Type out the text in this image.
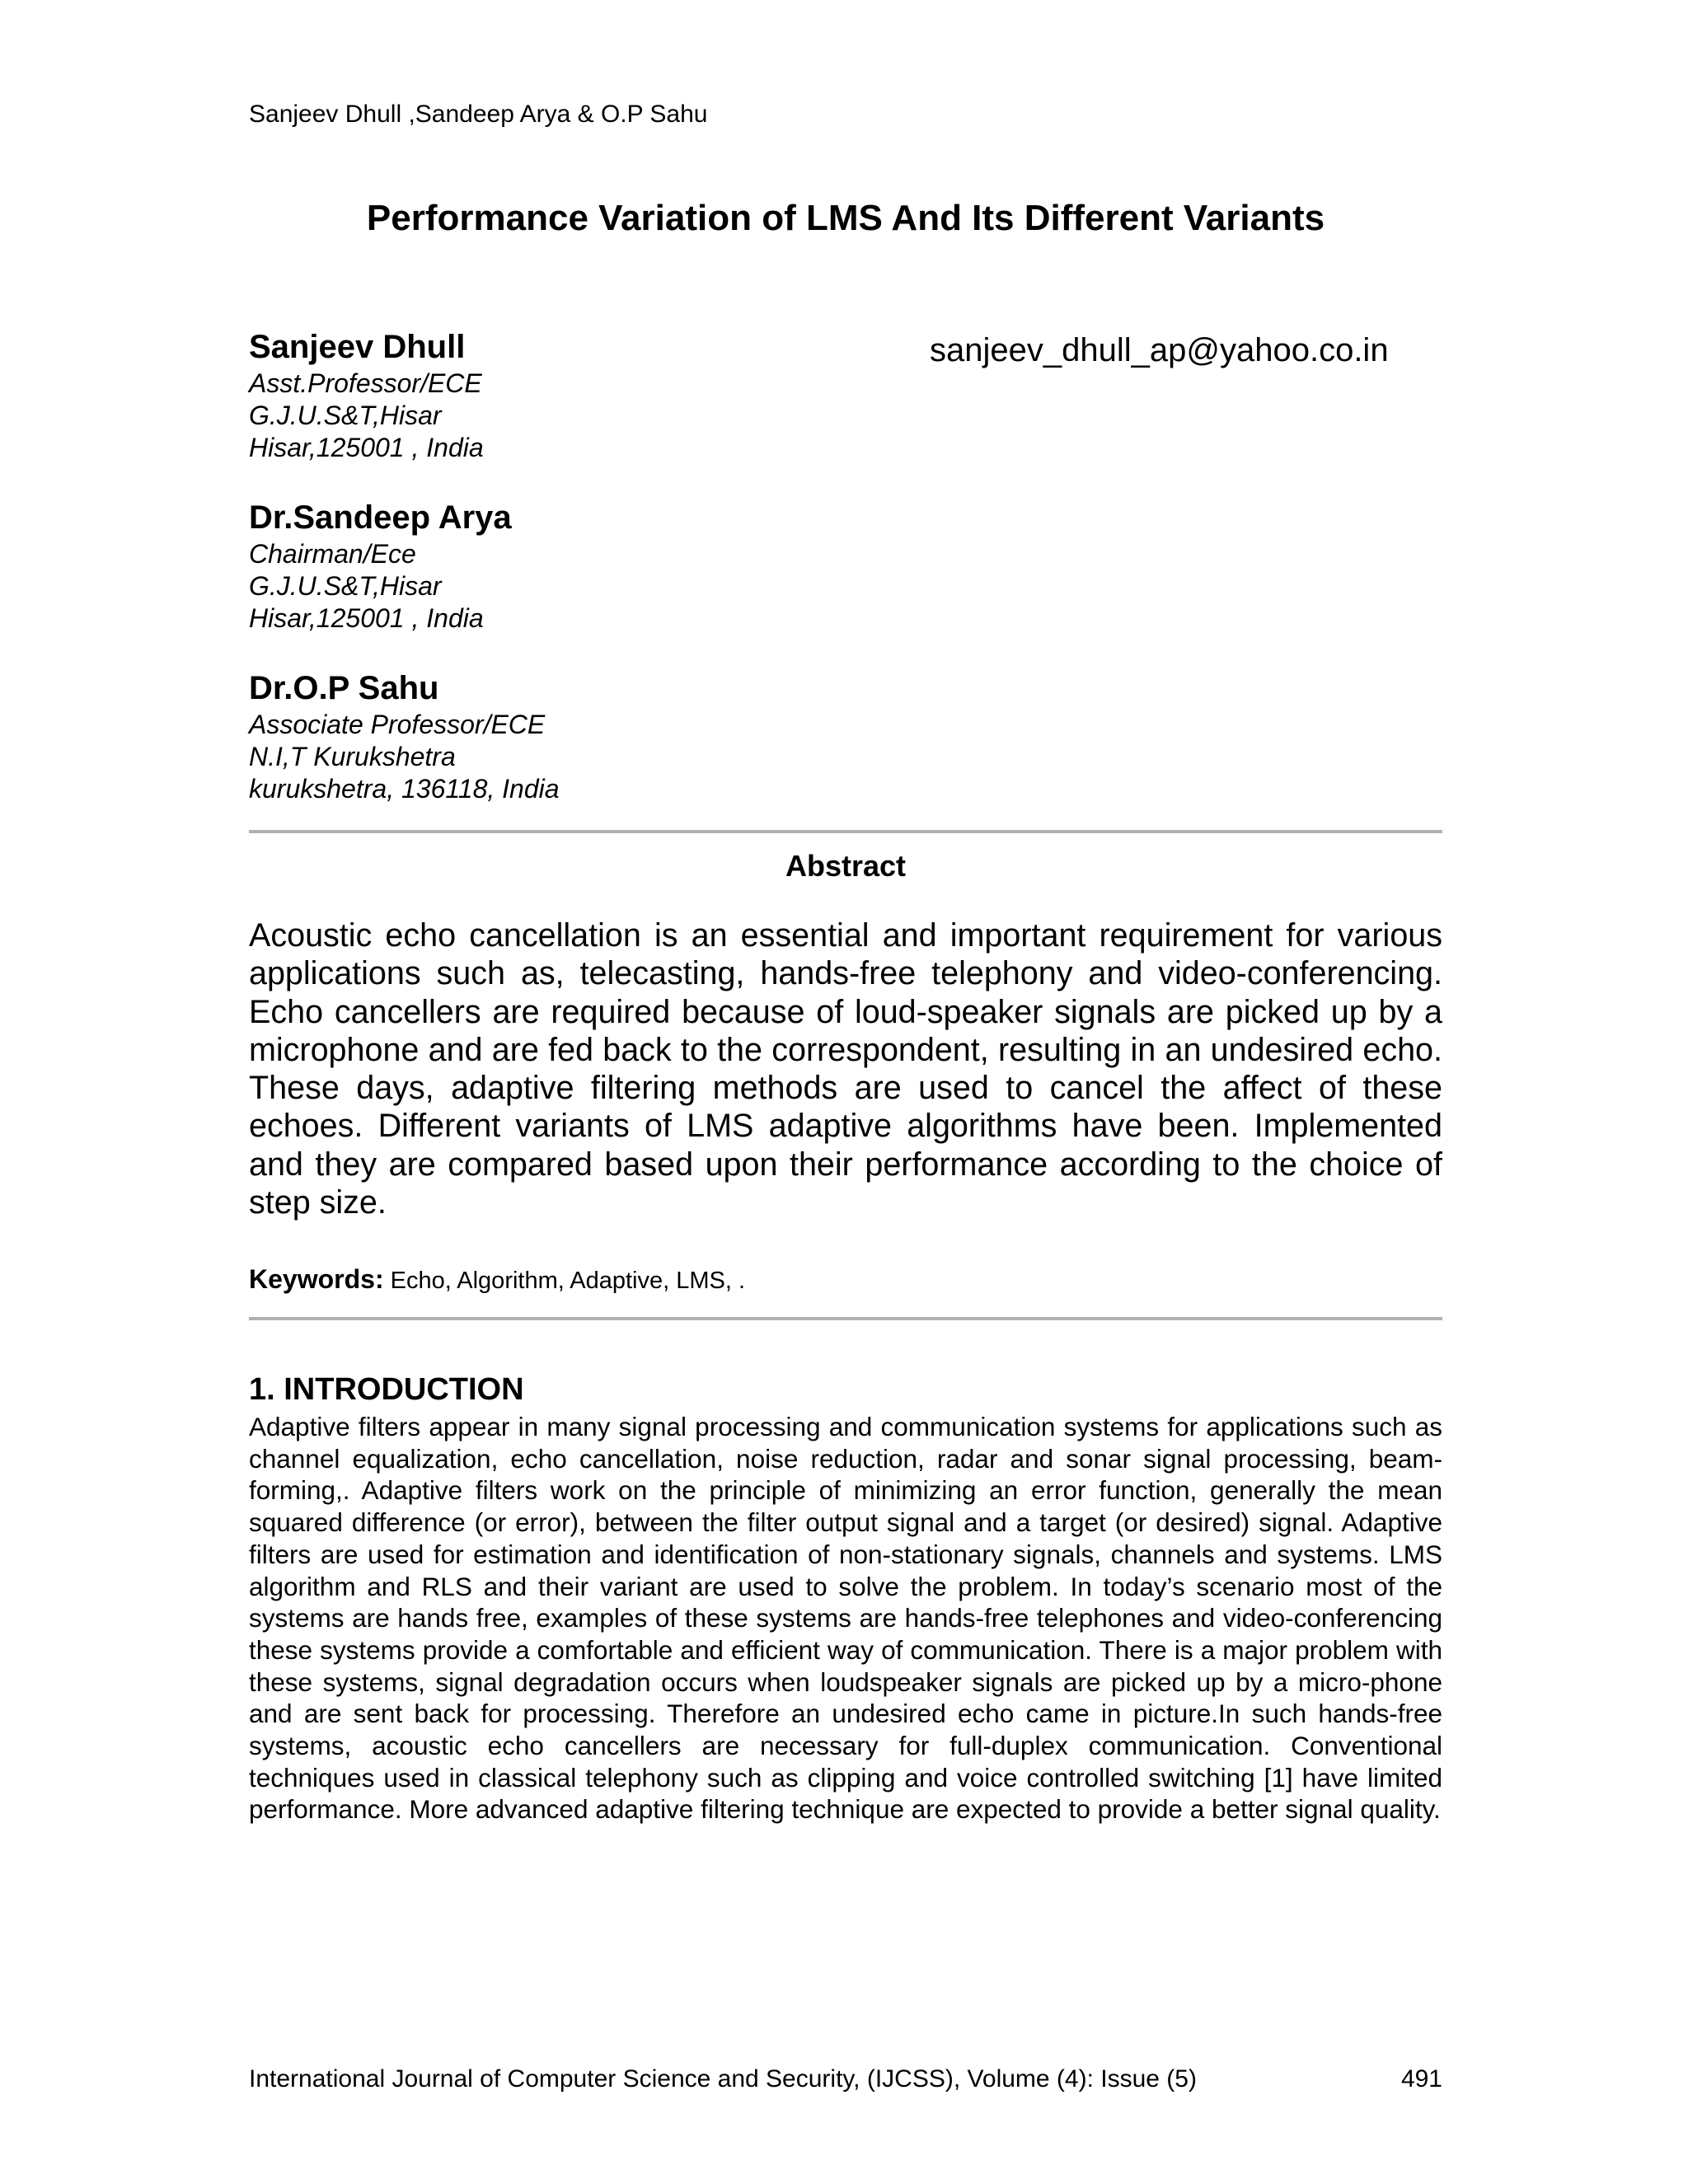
Sanjeev Dhull ,Sandeep Arya & O.P Sahu
Performance Variation of LMS And Its Different Variants

Sanjeev Dhull

Asst.Professor/ECE

G.J.U.S&T,Hisar

Hisar,125001 , India

sanjeev_dhull_ap@yahoo.co.in

Dr.Sandeep Arya

Chairman/Ece

G.J.U.S&T,Hisar

Hisar,125001 , India

Dr.O.P Sahu

Associate Professor/ECE

N.I,T Kurukshetra

kurukshetra, 136118, India

Abstract

Acoustic echo cancellation is an essential and important requirement for various applications such as, telecasting, hands-free telephony and video-conferencing. Echo cancellers are required because of loud-speaker signals are picked up by a microphone and are fed back to the correspondent, resulting in an undesired echo. These days, adaptive filtering methods are used to cancel the affect of these echoes. Different variants of LMS adaptive algorithms have been. Implemented and they are compared based upon their performance according to the choice of step size.

Keywords: Echo, Algorithm, Adaptive, LMS, .
1. INTRODUCTION

Adaptive filters appear in many signal processing and communication systems for applications such as channel equalization, echo cancellation, noise reduction, radar and sonar signal processing, beam-forming,. Adaptive filters work on the principle of minimizing an error function, generally the mean squared difference (or error), between the filter output signal and a target (or desired) signal. Adaptive filters are used for estimation and identification of non-stationary signals, channels and systems. LMS algorithm and RLS and their variant are used to solve the problem. In today’s scenario most of the systems are hands free, examples of these systems are hands-free telephones and video-conferencing these systems provide a comfortable and efficient way of communication. There is a major problem with these systems, signal degradation occurs when loudspeaker signals are picked up by a micro-phone and are sent back for processing. Therefore an undesired echo came in picture.In such hands-free systems, acoustic echo cancellers are necessary for full-duplex communication. Conventional techniques used in classical telephony such as clipping and voice controlled switching [1] have limited performance. More advanced adaptive filtering technique are expected to provide a better signal quality.

International Journal of Computer Science and Security, (IJCSS), Volume (4): Issue (5)	491
